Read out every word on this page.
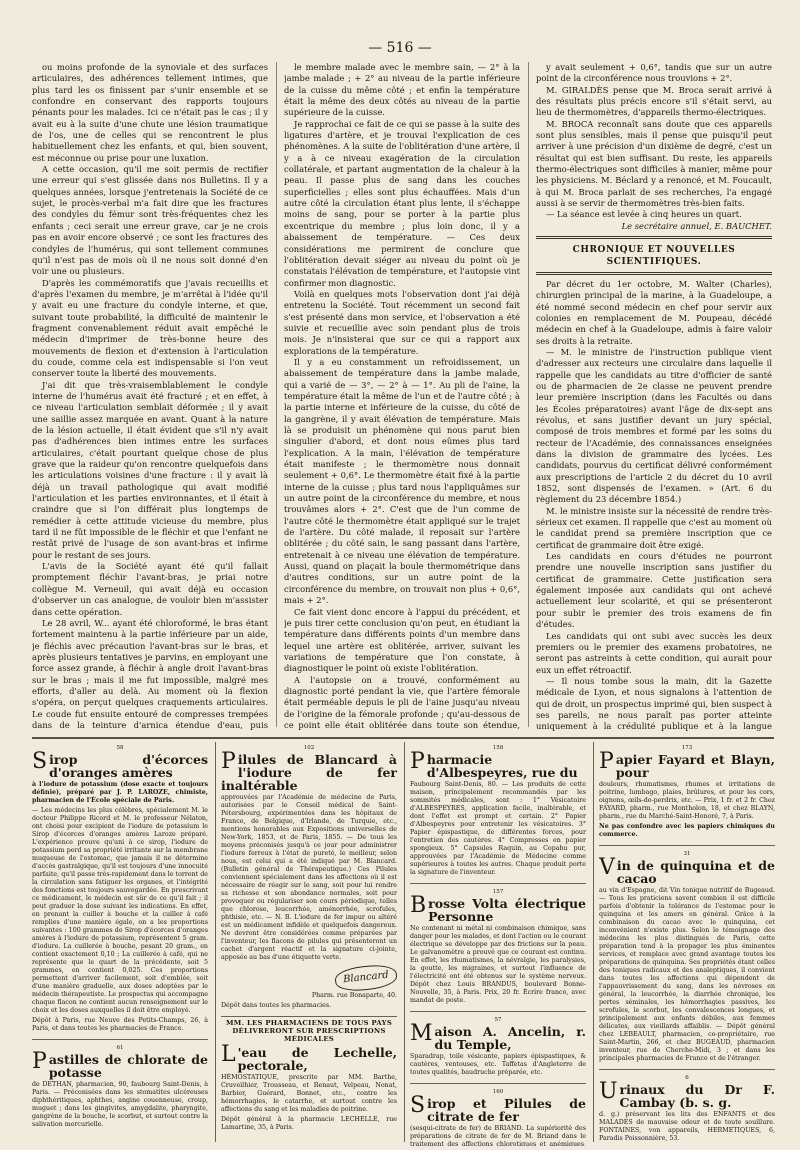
— 516 —

ou moins profonde de la synoviale et des surfaces articulaires, des adhérences tellement intimes, que plus tard les os finissent par s'unir ensemble et se confondre en conservant des rapports toujours pénants pour les malades. Ici ce n'était pas le cas ; il y avait eu à la suite d'une chute une lésion traumatique de l'os, une de celles qui se rencontrent le plus habituellement chez les enfants, et qui, bien souvent, est méconnue ou prise pour une luxation.

A cette occasion, qu'il me soit permis de rectifier une erreur qui s'est glissée dans nos Bulletins. Il y a quelques années, lorsque j'entretenais la Société de ce sujet, le procès-verbal m'a fait dire que les fractures des condyles du fémur sont très-fréquentes chez les enfants ; ceci serait une erreur grave, car je ne crois pas en avoir encore observé ; ce sont les fractures des condyles de l'humérus, qui sont tellement communes qu'il n'est pas de mois où il ne nous soit donné d'en voir une ou plusieurs.

D'après les commémoratifs que j'avais recueillis et d'après l'examen du membre, je m'arrêtai à l'idée qu'il y avait eu une fracture du condyle interne, et que, suivant toute probabilité, la difficulté de maintenir le fragment convenablement réduit avait empêché le médecin d'imprimer de très-bonne heure des mouvements de flexion et d'extension à l'articulation du coude, comme cela est indispensable si l'on veut conserver toute la liberté des mouvements.

J'ai dit que très-vraisemblablement le condyle interne de l'humérus avait été fracturé ; et en effet, à ce niveau l'articulation semblait déformée ; il y avait une saillie assez marquée en avant. Quant à la nature de la lésion actuelle, il était évident que s'il n'y avait pas d'adhérences bien intimes entre les surfaces articulaires, c'était pourtant quelque chose de plus grave que la raideur qu'on rencontre quelquefois dans les articulations voisines d'une fracture : il y avait là déjà un travail pathologique qui avait modifié l'articulation et les parties environnantes, et il était à craindre que si l'on différait plus longtemps de remédier à cette attitude vicieuse du membre, plus tard il ne fût impossible de le fléchir et que l'enfant ne restât privé de l'usage de son avant-bras et infirme pour le restant de ses jours.

L'avis de la Société ayant été qu'il fallait promptement fléchir l'avant-bras, je priai notre collègue M. Verneuil, qui avait déjà eu occasion d'observer un cas analogue, de vouloir bien m'assister dans cette opération.

Le 28 avril, W... ayant été chloroformé, le bras étant fortement maintenu à la partie inférieure par un aide, je fléchis avec précaution l'avant-bras sur le bras, et après plusieurs tentatives je parvins, en employant une force assez grande, à fléchir à angle droit l'avant-bras sur le bras ; mais il me fut impossible, malgré mes efforts, d'aller au delà. Au moment où la flexion s'opéra, on perçut quelques craquements articulaires. Le coude fut ensuite entouré de compresses trempées dans de la teinture d'arnica étendue d'eau, puis

le membre malade avec le membre sain, — 2° à la jambe malade ; + 2° au niveau de la partie inférieure de la cuisse du même côté ; et enfin la température était la même des deux côtés au niveau de la partie supérieure de la cuisse.

Je rapprochai ce fait de ce qui se passe à la suite des ligatures d'artère, et je trouvai l'explication de ces phénomènes. A la suite de l'oblitération d'une artère, il y a à ce niveau exagération de la circulation collatérale, et partant augmentation de la chaleur à la peau. Il passe plus de sang dans les couches superficielles ; elles sont plus échauffées. Mais d'un autre côté la circulation étant plus lente, il s'échappe moins de sang, pour se porter à la partie plus excentrique du membre ; plus loin donc, il y a abaissement de température. — Ces deux considérations me permirent de conclure que l'oblitération devait siéger au niveau du point où je constatais l'élévation de température, et l'autopsie vint confirmer mon diagnostic.

Voilà en quelques mots l'observation dont j'ai déjà entretenu la Société. Tout récemment un second fait s'est présenté dans mon service, et l'observation a été suivie et recueillie avec soin pendant plus de trois mois. Je n'insisterai que sur ce qui a rapport aux explorations de la température.

Il y a eu constamment un refroidissement, un abaissement de température dans la jambe malade, qui a varié de — 3°, — 2° à — 1°. Au pli de l'aine, la température était la même de l'un et de l'autre côté ; à la partie interne et inférieure de la cuisse, du côté de la gangrène, il y avait élévation de température. Mais là se produisit un phénomène qui nous parut bien singulier d'abord, et dont nous eûmes plus tard l'explication. A la main, l'élévation de température était manifeste ; le thermomètre nous donnait seulement + 0,6°. Le thermomètre était fixé à la partie interne de la cuisse ; plus tard nous l'appliquâmes sur un autre point de la circonférence du membre, et nous trouvâmes alors + 2°. C'est que de l'un comme de l'autre côté le thermomètre était appliqué sur le trajet de l'artère. Du côté malade, il reposait sur l'artère oblitérée ; du côté sain, le sang passant dans l'artère, entretenait à ce niveau une élévation de température. Aussi, quand on plaçait la boule thermométrique dans d'autres conditions, sur un autre point de la circonférence du membre, on trouvait non plus + 0,6°, mais + 2°.

Ce fait vient donc encore à l'appui du précédent, et je puis tirer cette conclusion qu'on peut, en étudiant la température dans différents points d'un membre dans lequel une artère est oblitérée, arriver, suivant les variations de température que l'on constate, à diagnostiquer le point où existe l'oblitération.

A l'autopsie on a trouvé, conformément au diagnostic porté pendant la vie, que l'artère fémorale était perméable depuis le pli de l'aine jusqu'au niveau de l'origine de la fémorale profonde ; qu'au-dessous de ce point elle était oblitérée dans toute son étendue,

y avait seulement + 0,6°, tandis que sur un autre point de la circonférence nous trouvions + 2°.

M. GIRALDÈS pense que M. Broca serait arrivé à des résultats plus précis encore s'il s'était servi, au lieu de thermomètres, d'appareils thermo-électriques.

M. BROCA reconnaît sans doute que ces appareils sont plus sensibles, mais il pense que puisqu'il peut arriver à une précision d'un dixième de degré, c'est un résultat qui est bien suffisant. Du reste, les appareils thermo-électriques sont difficiles à manier, même pour les physiciens. M. Béclard y a renoncé, et M. Foucault, à qui M. Broca parlait de ses recherches, l'a engagé aussi à se servir de thermomètres très-bien faits.

— La séance est levée à cinq heures un quart.

Le secrétaire annuel, E. BAUCHET.

CHRONIQUE ET NOUVELLES SCIENTIFIQUES.

Par décret du 1er octobre, M. Walter (Charles), chirurgien principal de la marine, à la Guadeloupe, a été nommé second médecin en chef pour servir aux colonies en remplacement de M. Poupeau, décédé médecin en chef à la Guadeloupe, admis à faire valoir ses droits à la retraite.

— M. le ministre de l'instruction publique vient d'adresser aux recteurs une circulaire dans laquelle il rappelle que les candidats au titre d'officier de santé ou de pharmacien de 2e classe ne peuvent prendre leur première inscription (dans les Facultés ou dans les Écoles préparatoires) avant l'âge de dix-sept ans révolus, et sans justifier devant un jury spécial, composé de trois membres et formé par les soins du recteur de l'Académie, des connaissances enseignées dans la division de grammaire des lycées. Les candidats, pourvus du certificat délivré conformément aux prescriptions de l'article 2 du décret du 10 avril 1852, sont dispensés de l'examen. » (Art. 6 du règlement du 23 décembre 1854.)

M. le ministre insiste sur la nécessité de rendre très-sérieux cet examen. Il rappelle que c'est au moment où le candidat prend sa première inscription que ce certificat de grammaire doit être exigé.

Les candidats en cours d'études ne pourront prendre une nouvelle inscription sans justifier du certificat de grammaire. Cette justification sera également imposée aux candidats qui ont achevé actuellement leur scolarité, et qui se présenteront pour subir le premier des trois examens de fin d'études.

Les candidats qui ont subi avec succès les deux premiers ou le premier des examens probatoires, ne seront pas astreints à cette condition, qui aurait pour eux un effet rétroactif.

— Il nous tombe sous la main, dit la Gazette médicale de Lyon, et nous signalons à l'attention de qui de droit, un prospectus imprimé qui, bien suspect à ses pareils, ne nous paraît pas porter atteinte uniquement à la crédulité publique et à la langue

58
Sirop d'écorces d'oranges amères

à l'iodure de potassium (dose exacte et toujours définie), préparé par J. P. LAROZE, chimiste, pharmacien de l'École spéciale de Paris.

— Les médecins les plus célèbres, spécialement M. le docteur Philippe Ricord et M. le professeur Nélaton, ont choisi pour excipient de l'iodure de potassium le Sirop d'écorces d'oranges amères Laroze préparé. L'expérience prouve qu'uni à ce sirop, l'iodure de potassium perd sa propriété irritante sur la membrane muqueuse de l'estomac, que jamais il ne détermine d'accès gastralgique, qu'il est toujours d'une innocuité parfaite, qu'il passe très-rapidement dans le torrent de la circulation sans fatiguer les organes, et l'intégrité des fonctions est toujours sauvegardée. En prescrivant ce médicament, le médecin est sûr de ce qu'il fait ; il peut graduer la dose suivant les indications. En effet, en prenant la cuiller à bouche et la cuiller à café remplies d'une manière égale, on a les proportions suivantes : 100 grammes de Sirop d'écorces d'oranges amères à l'iodure de potassium, représentent 5 gram. d'iodure. La cuillerée à bouche, pesant 20 gram., en contient exactement 0,10 ; La cuillerée à café, qui ne représente que le quart de la précédente, soit 5 grammes, en contient 0,025. Ces proportions permettent d'arriver facilement, soit d'emblée, soit d'une manière graduelle, aux doses adoptées par le médecin thérapeutiste. Le prospectus qui accompagne chaque flacon ne contient aucun renseignement sur le choix et les doses auxquelles il doit être employé.

Dépôt à Paris, rue Neuve des Petits-Champs, 26, à Paris, et dans toutes les pharmacies de France.

61
Pastilles de chlorate de potasse

de DETHAN, pharmacien, 90, faubourg Saint-Denis, à Paris. — Préconisées dans les stomatites ulcéreuses diphthéritiques, aphthes, angine couenneuse, croup, muguet ; dans les gingivites, amygdalite, pharyngite, gangrène de la bouche, le scorbut, et surtout contre la salivation mercurielle.

102
Pilules de Blancard à l'iodure de fer inaltérable

approuvées par l'Académie de médecine de Paris, autorisées par le Conseil médical de Saint-Pétersbourg, expérimentées dans les hôpitaux de France, de Belgique, d'Irlande, de Turquie, etc., mentions honorables aux Expositions universelles de New-York, 1853, et de Paris, 1855. — De tous les moyens préconisés jusqu'à ce jour pour administrer l'iodure ferreux à l'état de pureté, le meilleur, selon nous, est celui qui a été indiqué par M. Blancard. (Bulletin général de Thérapeutique.) Ces Pilules conviennent spécialement dans les affections où il est nécessaire de réagir sur le sang, soit pour lui rendre sa richesse et son abondance normales, soit pour provoquer ou régulariser son cours périodique, telles que chlorose, leucorrhée, aménorrhée, scrofules, phthisie, etc. — N. B. L'iodure de fer impur ou altéré est un médicament infidèle et quelquefois dangereux. Ne devront être considérées comme préparées par l'inventeur, les flacons de pilules qui présenteront un cachet d'argent réactif et la signature ci-jointe, apposée au bas d'une étiquette verte.

Blancard

Pharm. rue Bonaparte, 40.

Dépôt dans toutes les pharmacies.

MM. LES PHARMACIENS DE TOUS PAYS DÉLIVRERONT SUR PRESCRIPTIONS MÉDICALES
L 'eau de Lechelle, pectorale,

HÉMOSTATIQUE, prescrite par MM. Barthe, Cruveilhier, Trousseau, et Renaut, Velpeau, Nonat, Barbier, Guérard, Bonnet, etc., contre les hémorrhagies, le catarrhe, et surtout contre les affections du sang et les maladies de poitrine.

Dépôt général à la pharmacie LECHELLE, rue Lamartine, 35, à Paris.

158
Pharmacie d'Albespeyres, rue du

Faubourg Saint-Denis, 80. — Les produits de cette maison, principalement recommandés par les sommités médicales, sont : 1° Vésicatoire d'ALBESPEYRES, application facile, inaltérable, et dont l'effet est prompt et certain. 2° Papier d'Albespeyres pour entretenir les vésicatoires. 3° Papier épispastique, de différentes forces, pour l'entretien des cautères. 4° Compresses en papier spongieux. 5° Capsules Raquin, au Copahu pur, approuvées par l'Académie de Médecine comme supérieures à toutes les autres. Chaque produit porte la signature de l'inventeur.

157
Brosse Volta électrique Personne

Ne contenant ni métal ni combinaison chimique, sans danger pour les malades, et dont l'action ou le courant électrique se développe par des frictions sur la peau. Le galvanomètre a prouvé que ce courant est continu. En effet, les rhumatismes, la névralgie, les paralysies, la goutte, les migraines, et surtout l'influence de l'électricité ont été obtenus sur le système nerveux. Dépôt chez Louis BRANDUS, boulevard Bonne-Nouvelle, 35, à Paris. Prix, 20 fr. Écrire franco, avec mandat de poste.

57
Maison A. Ancelin, r. du Temple,

Sparadrap, toile vésicante, papiers épispastiques, & cautères, ventouses, etc. Taffetas d'Angleterre de toutes qualités, baudruche préparée, etc.

160
Sirop et Pilules de citrate de fer

(sesqui-citrate de fer) de BRIAND. La supériorité des préparations de citrate de fer de M. Briand dans le traitement des affections chlorotiques et anémiques,

173
Papier Fayard et Blayn, pour

douleurs, rhumatismes, rhumes et irritations de poitrine, lumbago, plaies, brûlures, et pour les cors, oignons, œils-de-perdrix, etc. — Prix, 1 fr. et 2 fr. Chez FAYARD, pharm., rue Montholon, 18, et chez BLAYN, pharm., rue du Marché-Saint-Honoré, 7, à Paris.

Ne pas confondre avec les papiers chimiques du commerce.

31
Vin de quinquina et de cacao

au vin d'Espagne, dit Vin tonique nutritif de Bugeaud. — Tous les praticiens savent combien il est difficile parfois d'obtenir la tolérance de l'estomac pour le quinquina et les amers en général. Grâce à la combinaison du cacao avec le quinquina, cet inconvénient n'existe plus. Selon le témoignage des médecins les plus distingués de Paris, cette préparation tend à la propager les plus éminentes services, et remplace avec grand avantage toutes les préparations de quinquina. Ses propriétés étant celles des toniques radicaux et des analeptiques, il convient dans toutes les affections qui dépendent de l'appauvrissement du sang, dans les névroses en général, la leucorrhée, la diarrhée chronique, les pertes séminales, les hémorrhagies passives, les scrofules, le scorbut, les convalescences longues, et principalement aux enfants débiles, aux femmes délicates, aux vieillards affaiblis. — Dépôt général chez LEBEAULT, pharmacien, co-propriétaire, rue Saint-Martin, 266, et chez BUGEAUD, pharmacien inventeur, rue de Cherche-Midi, 3 ; et dans les principales pharmacies de France et de l'étranger.

6
Urinaux du Dr F. Cambay (b. s. g.

d. g.) préservant les lits des ENFANTS et des MALADES de mauvaise odeur et de toute souillure. FONTAINES, von appareils, HERMETIQUES, 6, Paradis Poissonnière, 53.
